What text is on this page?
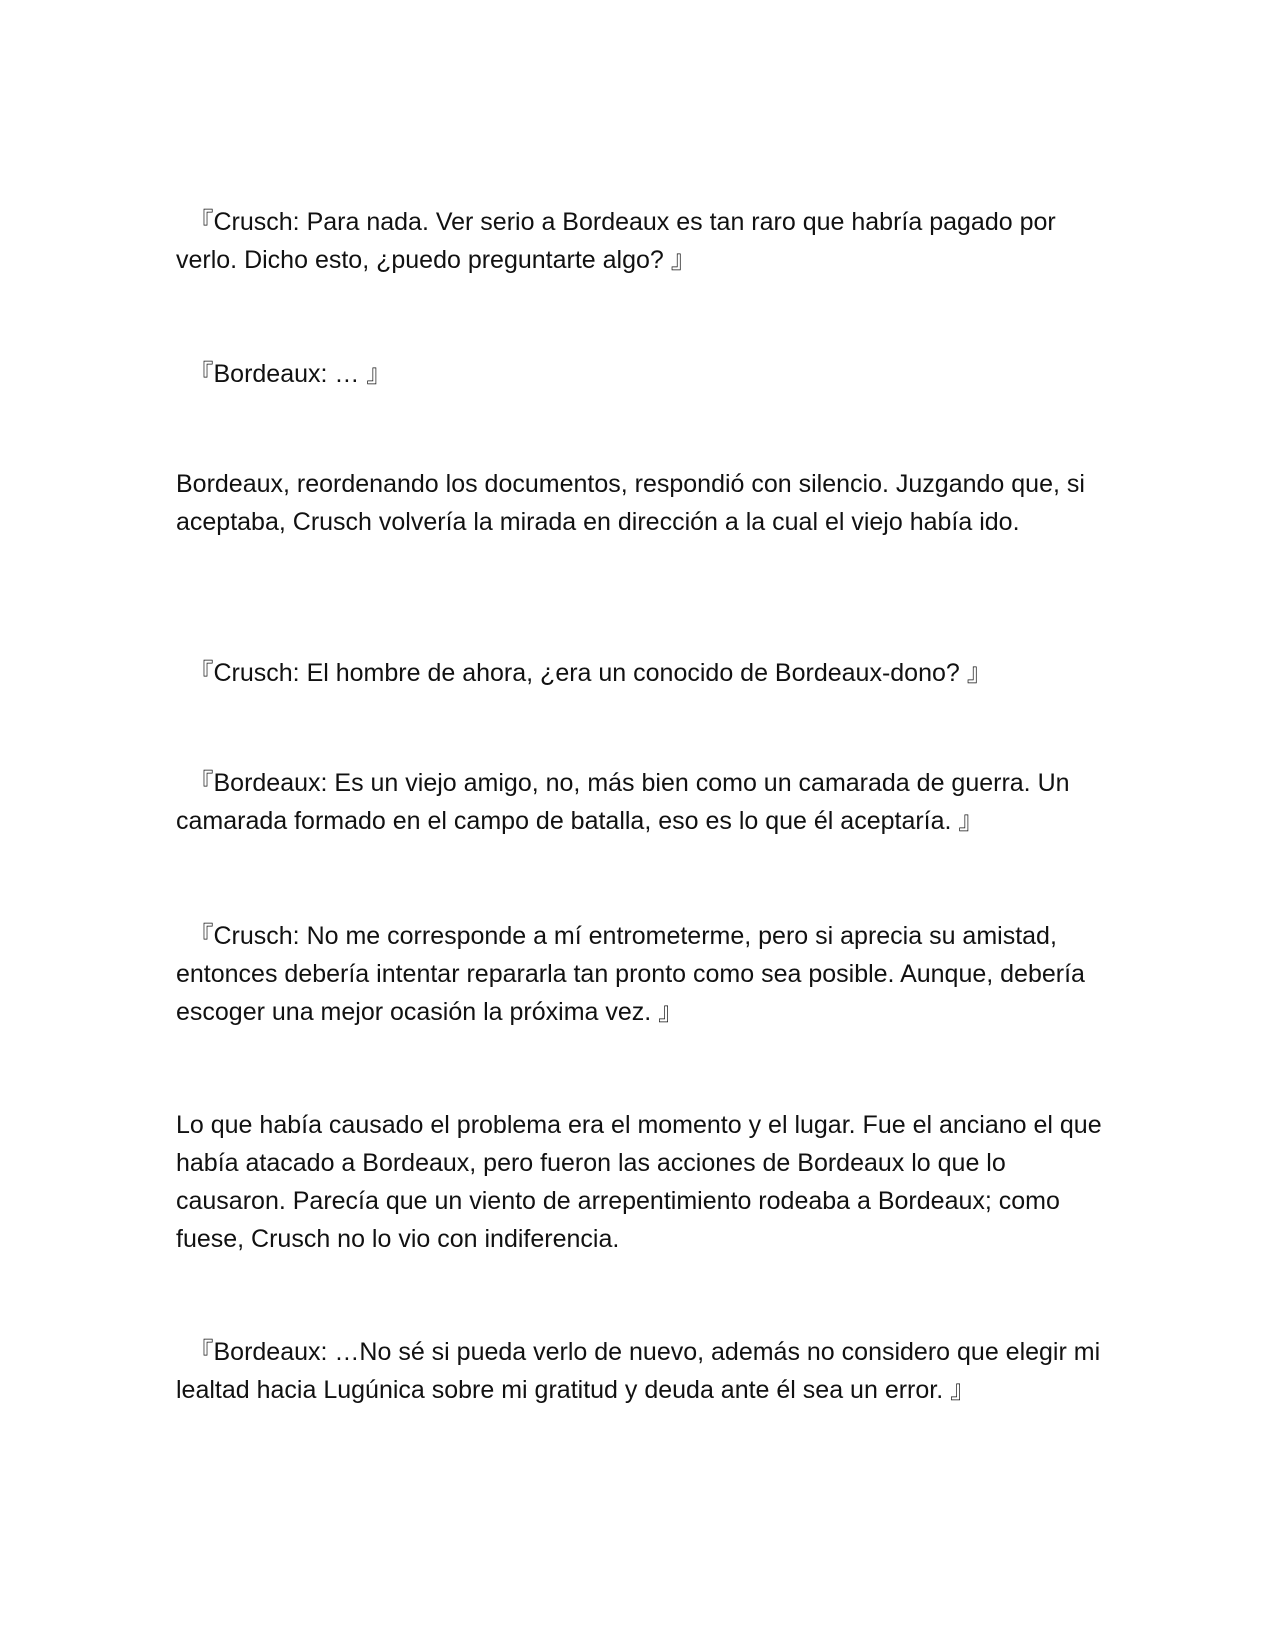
　『Crusch: Para nada. Ver serio a Bordeaux es tan raro que habría pagado por verlo. Dicho esto, ¿puedo preguntarte algo? 』

　『Bordeaux: … 』

Bordeaux, reordenando los documentos, respondió con silencio. Juzgando que, si aceptaba, Crusch volvería la mirada en dirección a la cual el viejo había ido.

　『Crusch: El hombre de ahora, ¿era un conocido de Bordeaux-dono? 』

　『Bordeaux: Es un viejo amigo, no, más bien como un camarada de guerra. Un camarada formado en el campo de batalla, eso es lo que él aceptaría. 』

　『Crusch: No me corresponde a mí entrometerme, pero si aprecia su amistad, entonces debería intentar repararla tan pronto como sea posible. Aunque, debería escoger una mejor ocasión la próxima vez. 』

Lo que había causado el problema era el momento y el lugar. Fue el anciano el que había atacado a Bordeaux, pero fueron las acciones de Bordeaux lo que lo causaron. Parecía que un viento de arrepentimiento rodeaba a Bordeaux; como fuese, Crusch no lo vio con indiferencia.

　『Bordeaux: …No sé si pueda verlo de nuevo, además no considero que elegir mi lealtad hacia Lugúnica sobre mi gratitud y deuda ante él sea un error. 』
